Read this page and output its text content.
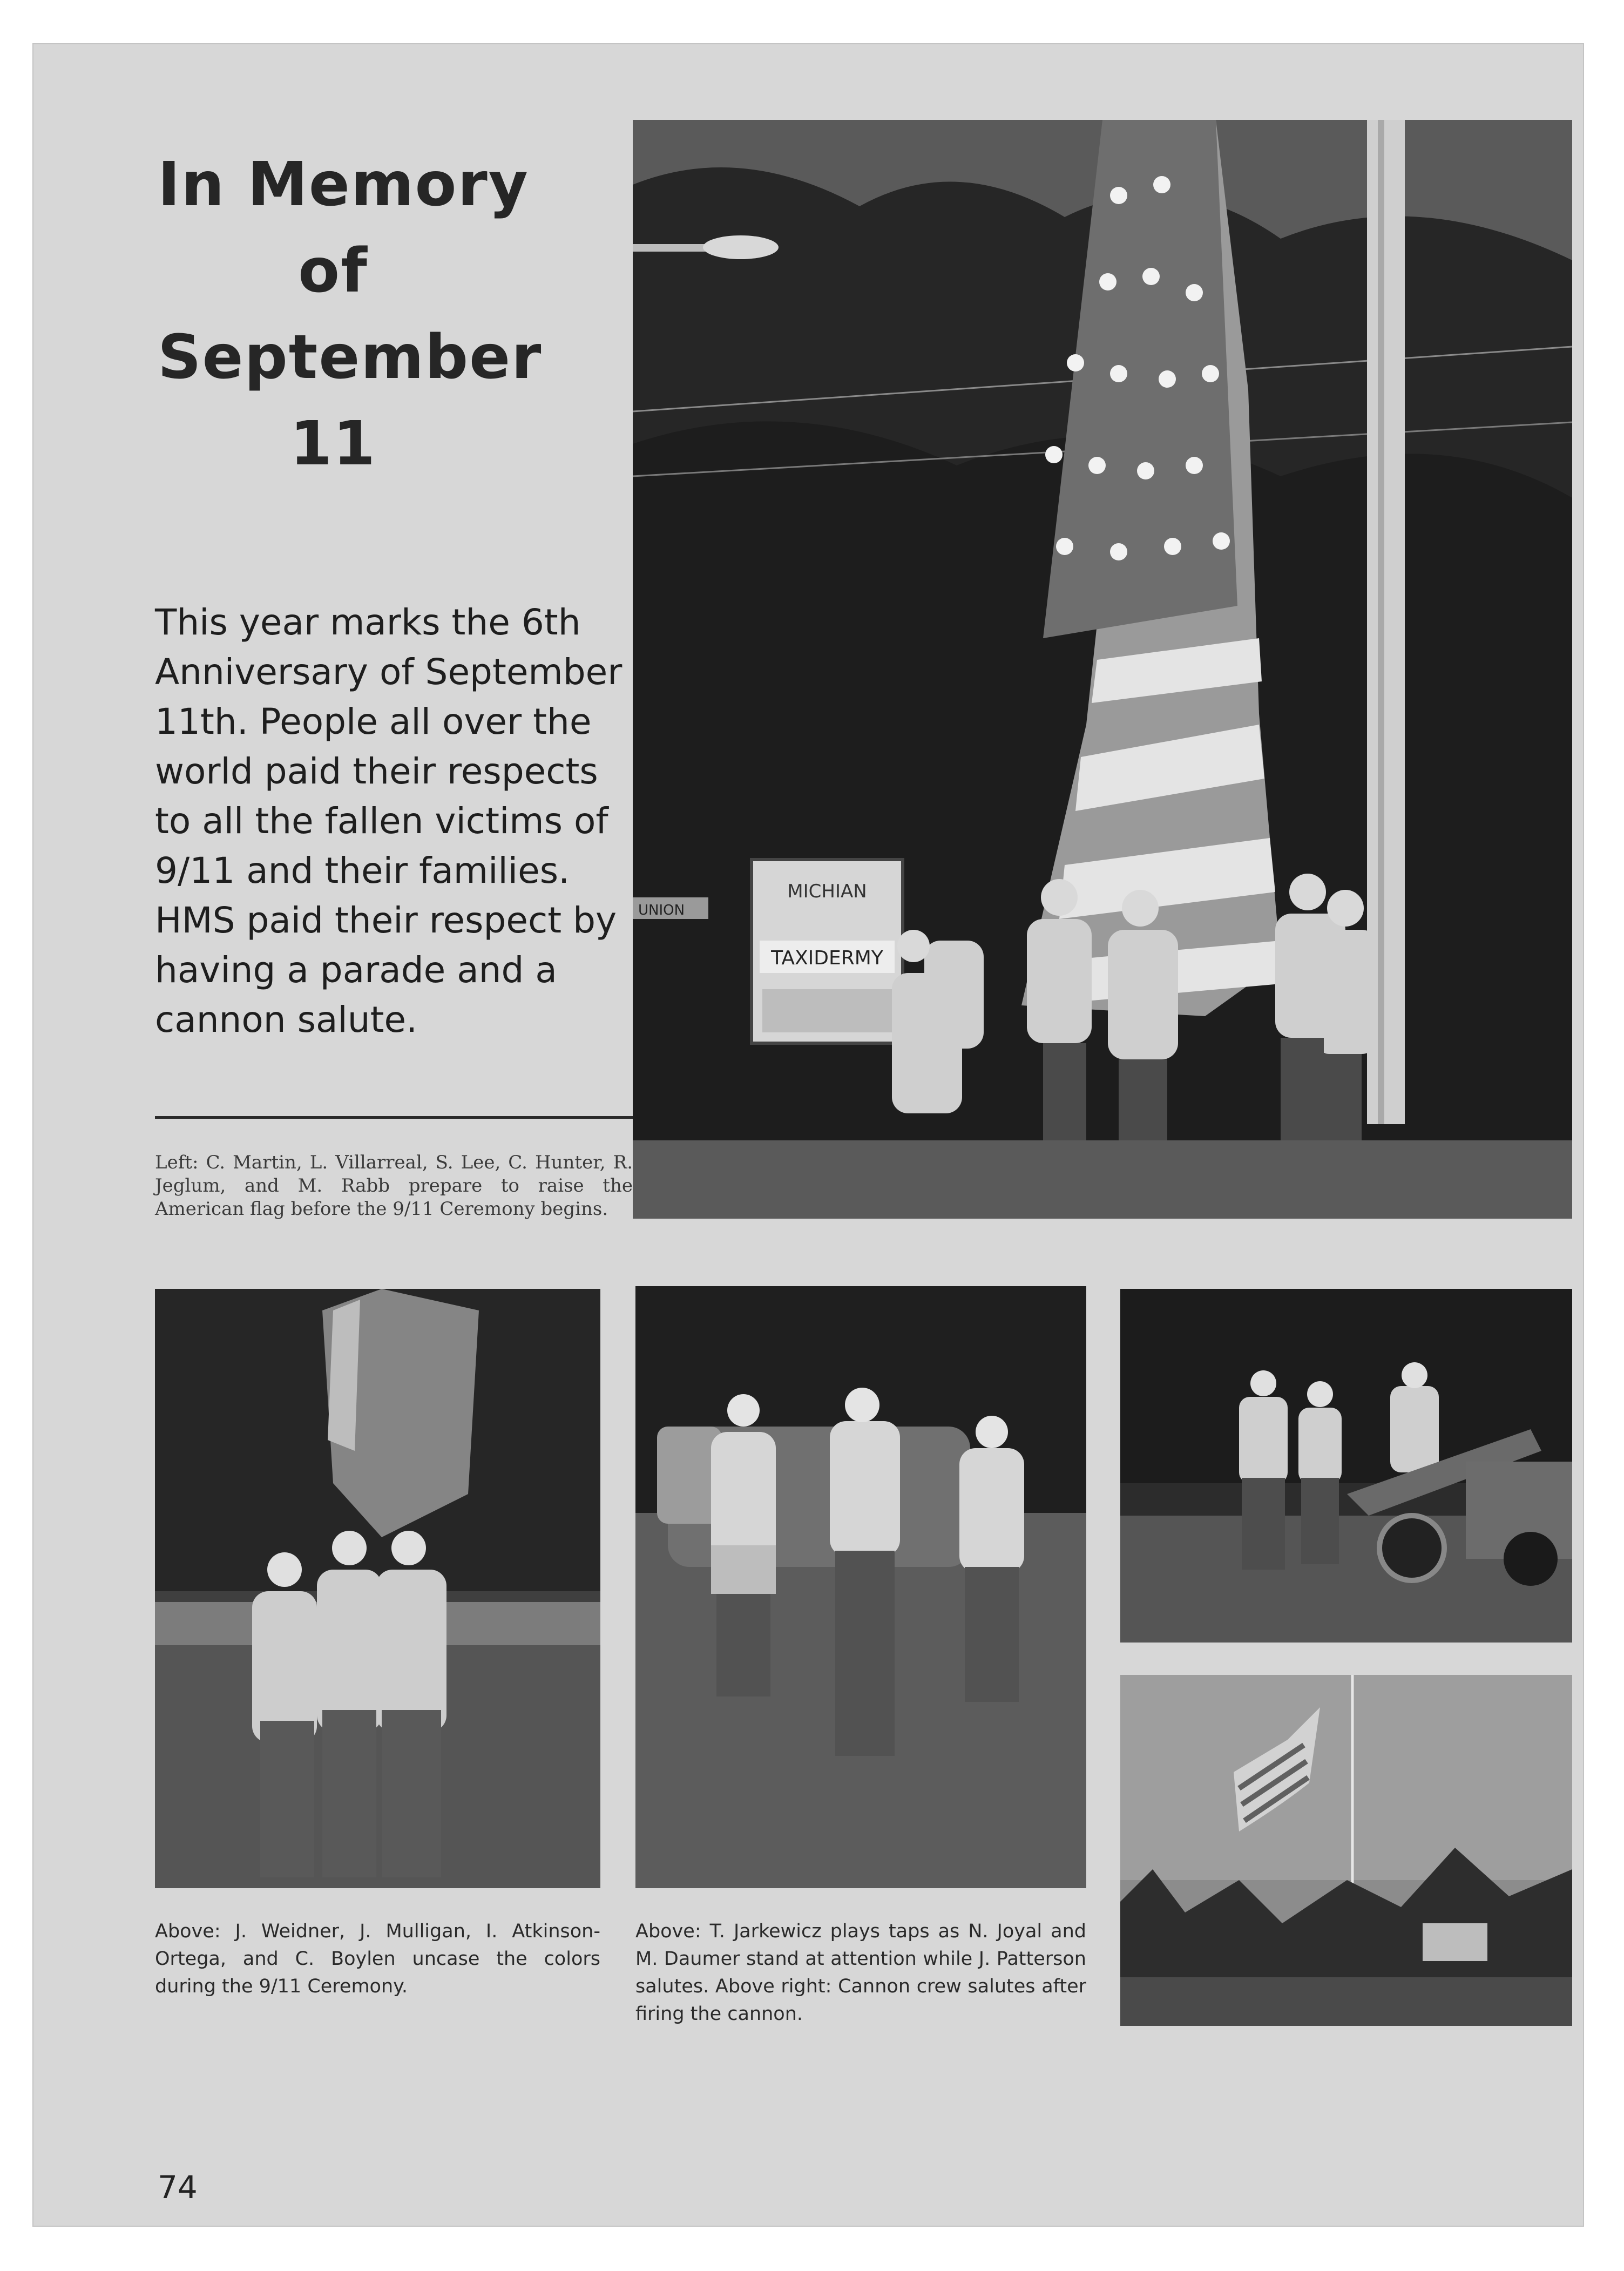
In Memory
of
September
11
This year marks the 6th Anniversary of September 11th. People all over the world paid their respects to all the fallen victims of 9/11 and their families. HMS paid their respect by having a parade and a cannon salute.
Left: C. Martin, L. Villarreal, S. Lee, C. Hunter, R. Jeglum, and M. Rabb prepare to raise the American flag before the 9/11 Ceremony begins.
MICHIAN
TAXIDERMY
UNION
Above: J. Weidner, J. Mulligan, I. Atkinson-Ortega, and C. Boylen uncase the colors during the 9/11 Ceremony.
Above: T. Jarkewicz plays taps as N. Joyal and M. Daumer stand at attention while J. Patterson salutes. Above right: Cannon crew salutes after firing the cannon.
74
